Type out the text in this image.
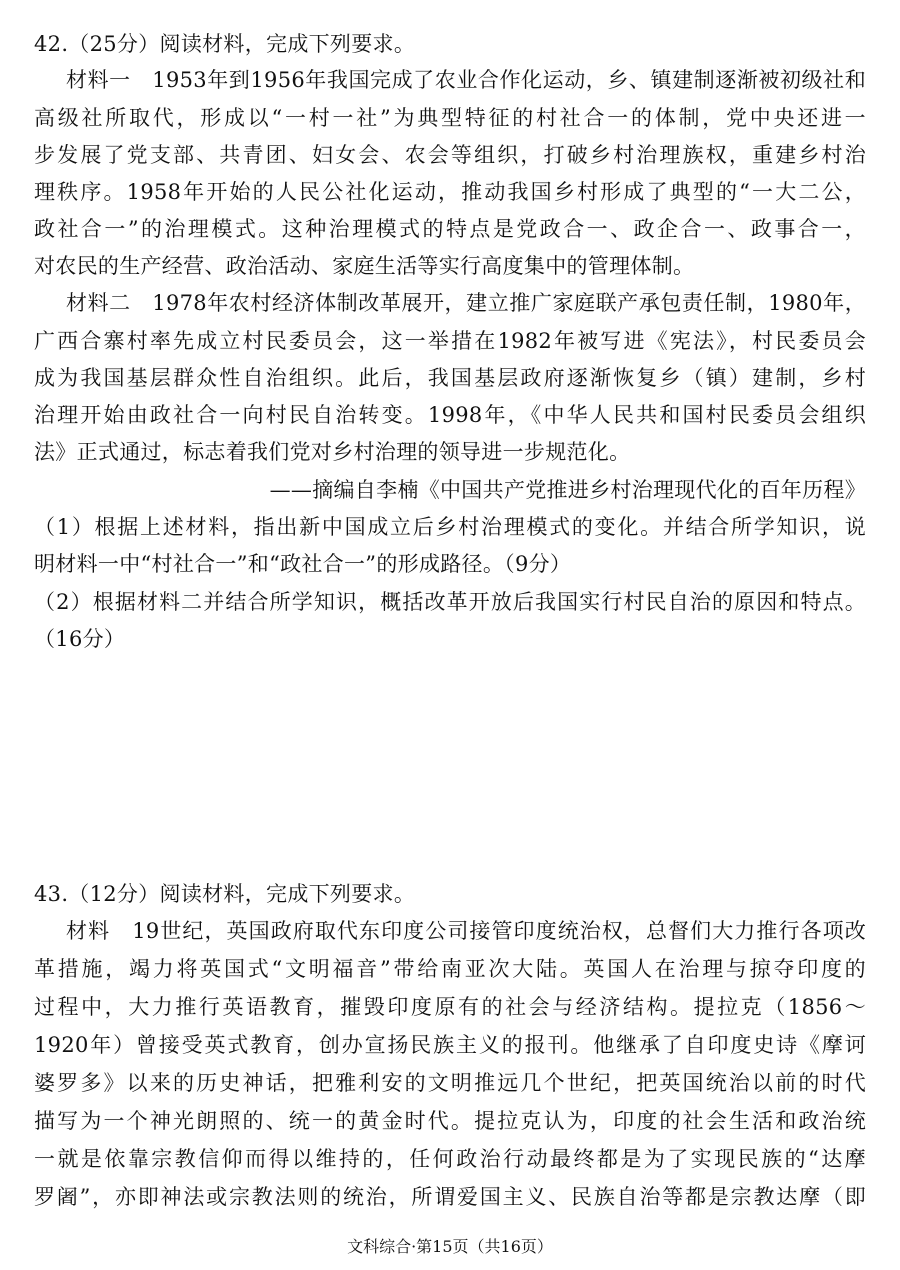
42.（25分）阅读材料，完成下列要求。
材料一　1953年到1956年我国完成了农业合作化运动，乡、镇建制逐渐被初级社和
高级社所取代，形成以“一村一社”为典型特征的村社合一的体制，党中央还进一
步发展了党支部、共青团、妇女会、农会等组织，打破乡村治理族权，重建乡村治
理秩序。1958年开始的人民公社化运动，推动我国乡村形成了典型的“一大二公，
政社合一”的治理模式。这种治理模式的特点是党政合一、政企合一、政事合一，
对农民的生产经营、政治活动、家庭生活等实行高度集中的管理体制。
材料二　1978年农村经济体制改革展开，建立推广家庭联产承包责任制，1980年，
广西合寨村率先成立村民委员会，这一举措在1982年被写进《宪法》，村民委员会
成为我国基层群众性自治组织。此后，我国基层政府逐渐恢复乡（镇）建制，乡村
治理开始由政社合一向村民自治转变。1998年，《中华人民共和国村民委员会组织
法》正式通过，标志着我们党对乡村治理的领导进一步规范化。
——摘编自李楠《中国共产党推进乡村治理现代化的百年历程》
（1）根据上述材料，指出新中国成立后乡村治理模式的变化。并结合所学知识，说
明材料一中“村社合一”和“政社合一”的形成路径。（9分）
（2）根据材料二并结合所学知识，概括改革开放后我国实行村民自治的原因和特点。
（16分）
43.（12分）阅读材料，完成下列要求。
材料　19世纪，英国政府取代东印度公司接管印度统治权，总督们大力推行各项改
革措施，竭力将英国式“文明福音”带给南亚次大陆。英国人在治理与掠夺印度的
过程中，大力推行英语教育，摧毁印度原有的社会与经济结构。提拉克（1856～
1920年）曾接受英式教育，创办宣扬民族主义的报刊。他继承了自印度史诗《摩诃
婆罗多》以来的历史神话，把雅利安的文明推远几个世纪，把英国统治以前的时代
描写为一个神光朗照的、统一的黄金时代。提拉克认为，印度的社会生活和政治统
一就是依靠宗教信仰而得以维持的，任何政治行动最终都是为了实现民族的“达摩
罗阇”，亦即神法或宗教法则的统治，所谓爱国主义、民族自治等都是宗教达摩（即
文科综合·第15页（共16页）
